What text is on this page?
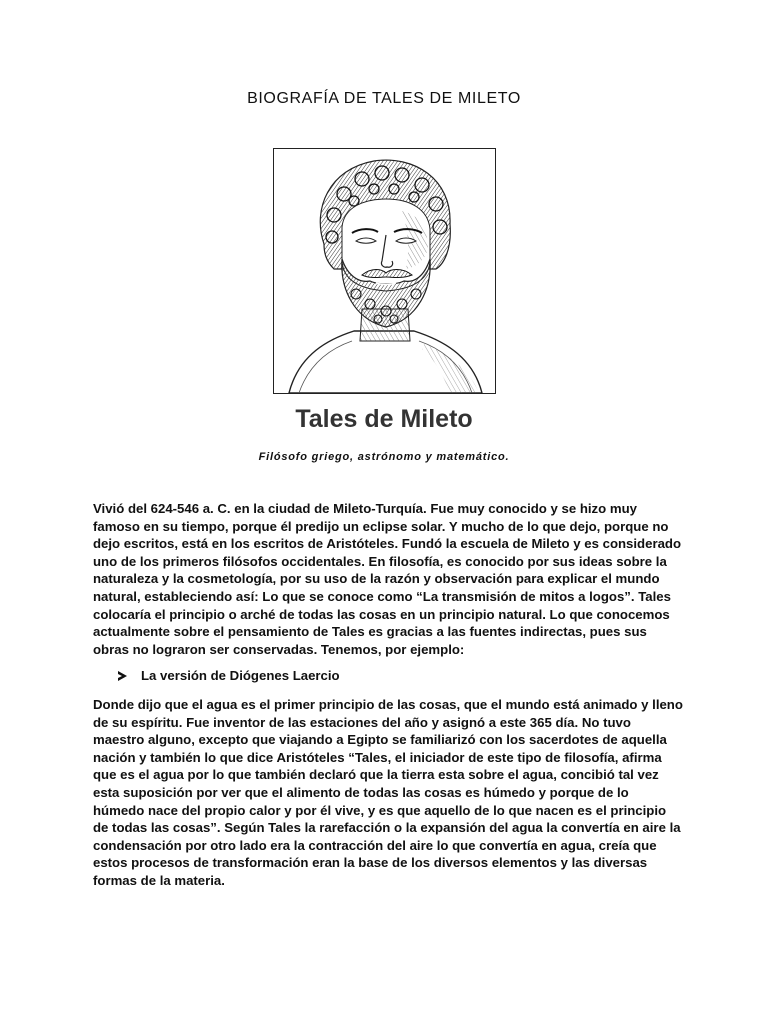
BIOGRAFÍA DE TALES DE MILETO
Tales de Mileto
Filósofo griego, astrónomo y matemático.
Vivió del 624-546 a. C. en la ciudad de Mileto-Turquía. Fue muy conocido y se hizo muy famoso en su tiempo, porque él predijo un eclipse solar. Y mucho de lo que dejo, porque no dejo escritos, está en los escritos de Aristóteles. Fundó la escuela de Mileto y es considerado uno de los primeros filósofos occidentales. En filosofía, es conocido por sus ideas sobre la naturaleza y la cosmetología, por su uso de la razón y observación para explicar el mundo natural, estableciendo así: Lo que se conoce como “La transmisión de mitos a logos”. Tales colocaría el principio o arché de todas las cosas en un principio natural. Lo que conocemos actualmente sobre el pensamiento de Tales es gracias a las fuentes indirectas, pues sus obras no lograron ser conservadas. Tenemos, por ejemplo:
La versión de Diógenes Laercio
Donde dijo que el agua es el primer principio de las cosas, que el mundo está animado y lleno de su espíritu. Fue inventor de las estaciones del año y asignó a este 365 día. No tuvo maestro alguno, excepto que viajando a Egipto se familiarizó con los sacerdotes de aquella nación y también lo que dice Aristóteles “Tales, el iniciador de este tipo de filosofía, afirma que es el agua por lo que también declaró que la tierra esta sobre el agua, concibió tal vez esta suposición por ver que el alimento de todas las cosas es húmedo y porque de lo húmedo nace del propio calor y por él vive, y es que aquello de lo que nacen es el principio de todas las cosas”. Según Tales la rarefacción o la expansión del agua la convertía en aire la condensación por otro lado era la contracción del aire lo que convertía en agua, creía que estos procesos de transformación eran la base de los diversos elementos y las diversas formas de la materia.
